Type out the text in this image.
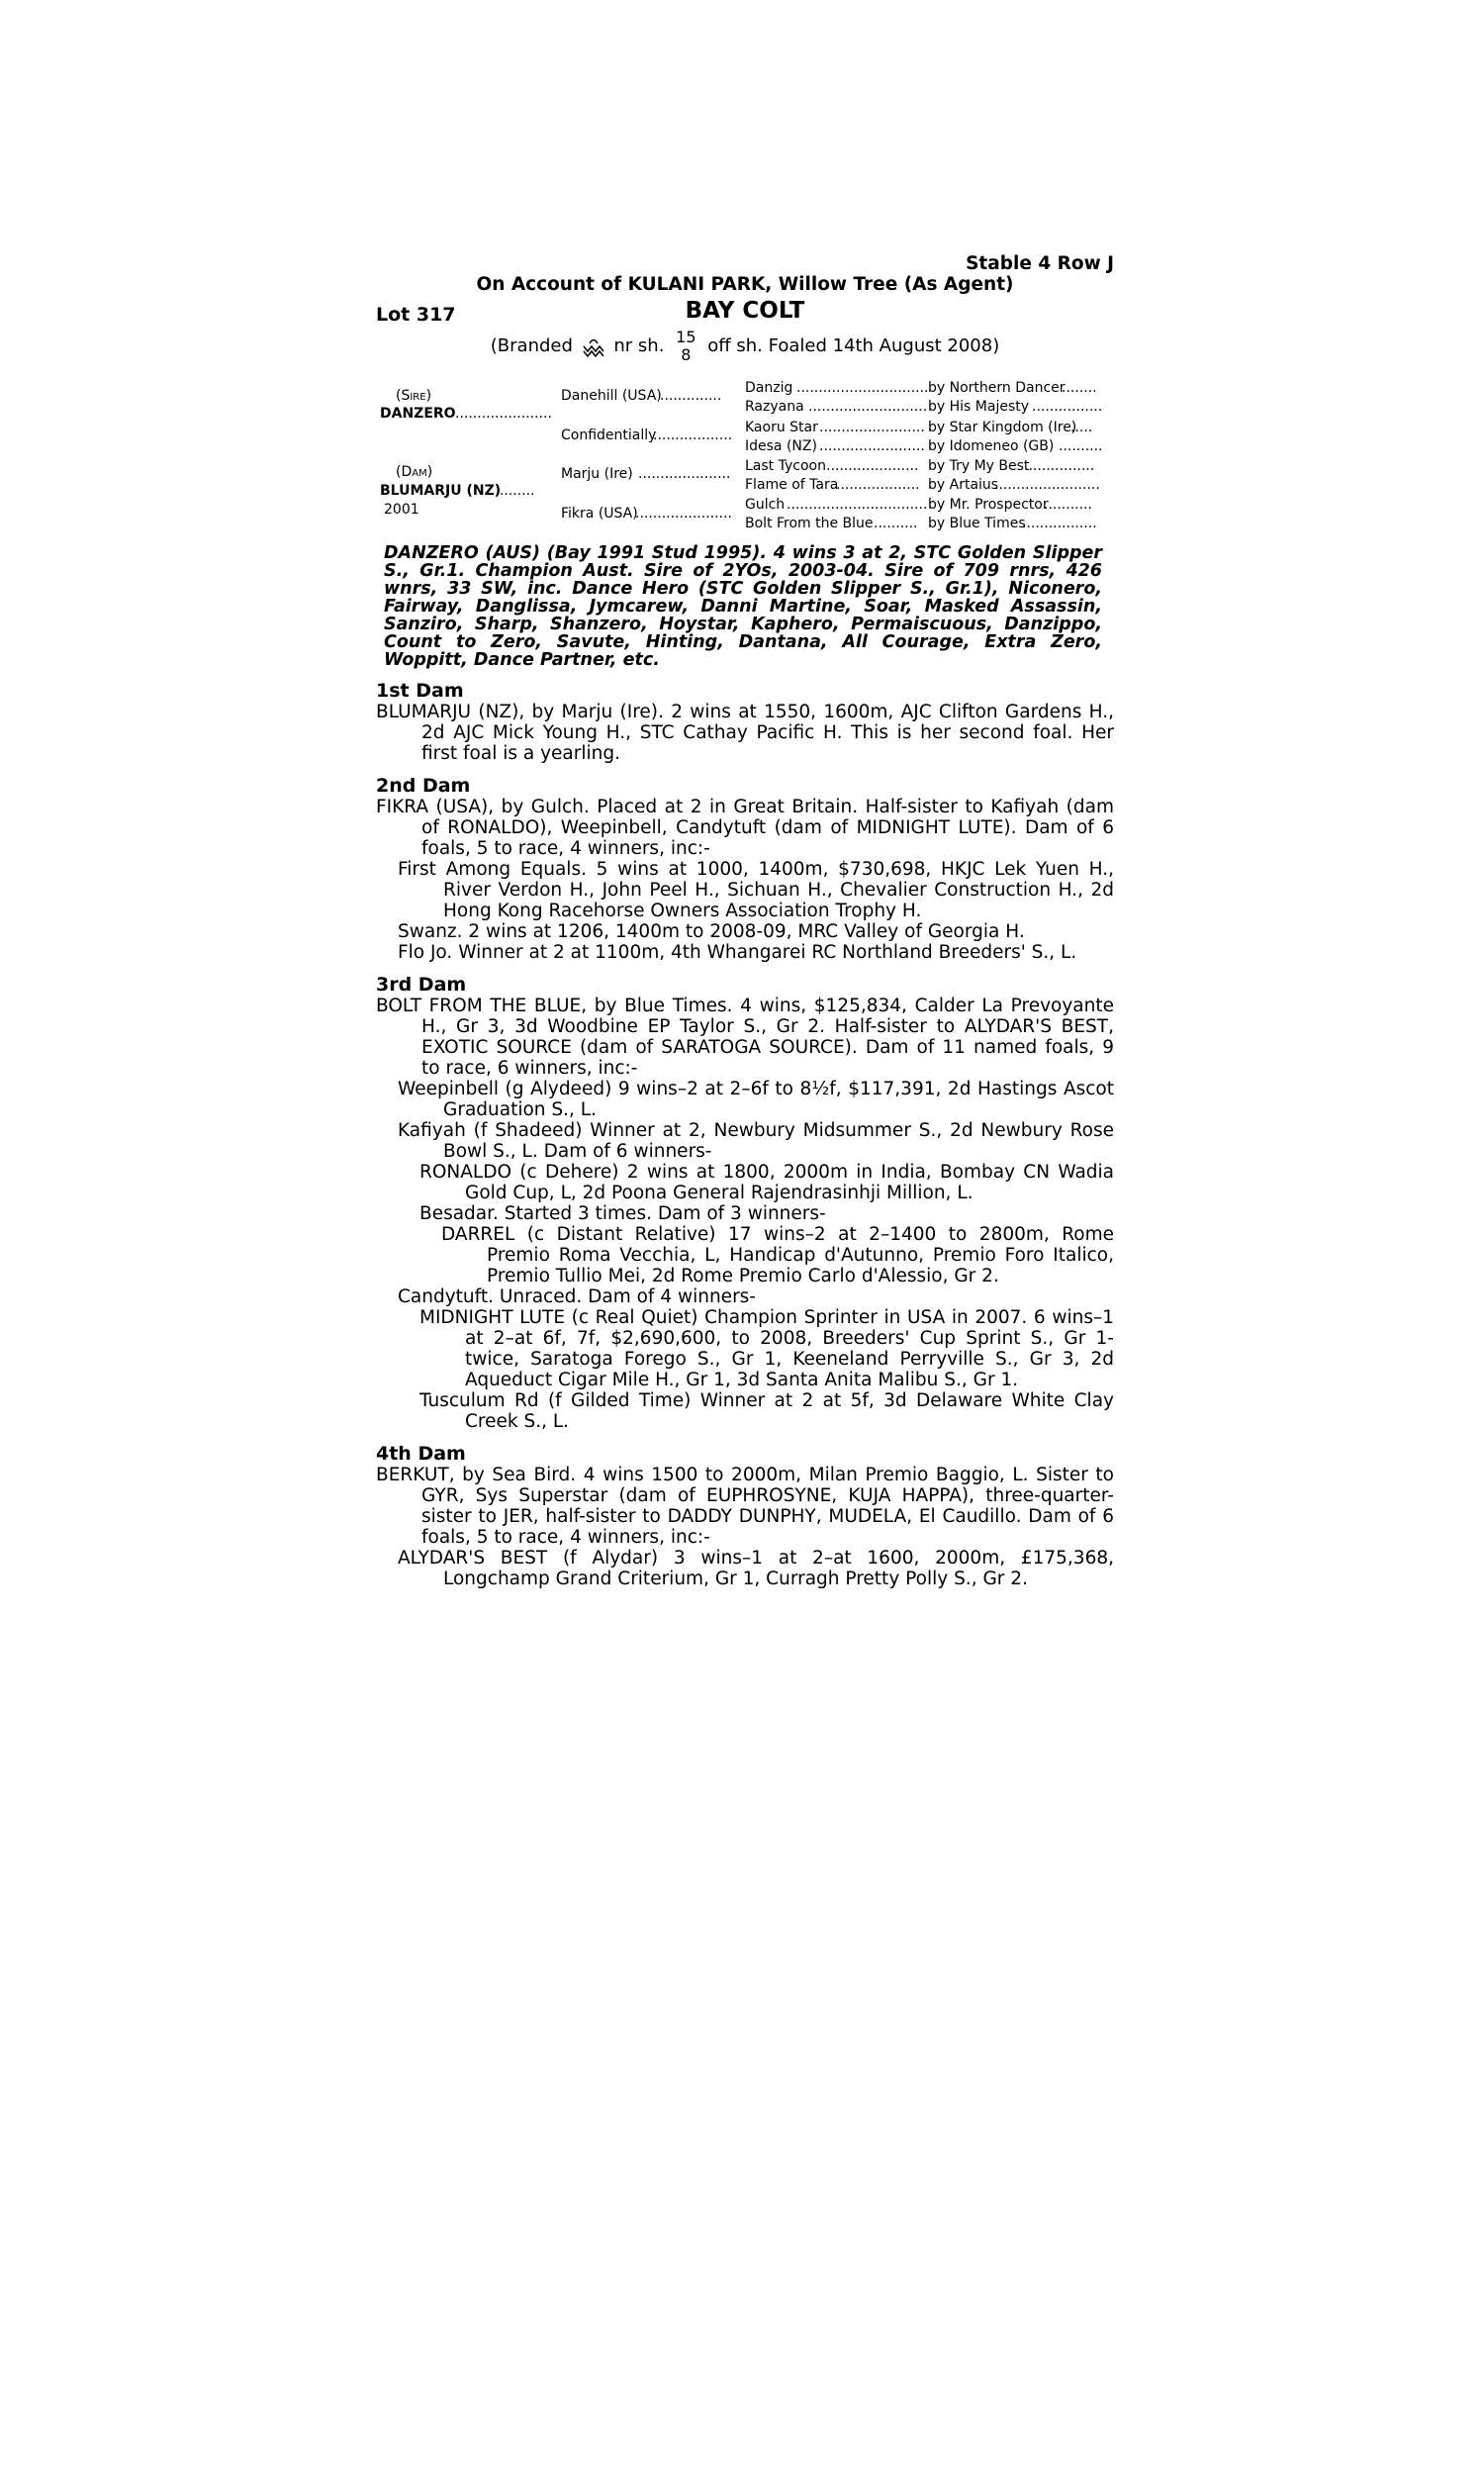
Stable 4 Row J
On Account of KULANI PARK, Willow Tree (As Agent)
Lot 317	BAY COLT
(Branded nr sh. 15
8 off sh. Foaled 14th August 2008)
(Sire)
DANZERO ......................
(Dam)
BLUMARJU (NZ)
..........
2001
Danehill (USA)
..............
Confidentially
..................
Marju (Ire) .....................
Fikra (USA)
......................
Danzig ..............................
Razyana ...........................
Kaoru Star ........................
Idesa (NZ) ........................
Last Tycoon .....................
Flame of Tara
...................
Gulch ................................
Bolt From the Blue ..........
by Northern Dancer
........
by His Majesty ................
by Star Kingdom (Ire)
.....
by Idomeneo (GB) ..........
by Try My Best
................
by Artaius
........................
by Mr. Prospector
...........
by Blue Times
.................
DANZERO (AUS) (Bay 1991 Stud 1995). 4 wins 3 at 2, STC Golden Slipper S., Gr.1. Champion Aust. Sire of 2YOs, 2003-04. Sire of 709 rnrs, 426 wnrs, 33 SW, inc. Dance Hero (STC Golden Slipper S., Gr.1), Niconero, Fairway, Danglissa, Jymcarew, Danni Martine, Soar, Masked Assassin, Sanziro, Sharp, Shanzero, Hoystar, Kaphero, Permaiscuous, Danzippo, Count to Zero, Savute, Hinting, Dantana, All Courage, Extra Zero, Woppitt, Dance Partner, etc.
1st Dam
BLUMARJU (NZ), by Marju (Ire). 2 wins at 1550, 1600m, AJC Clifton Gardens H., 2d AJC Mick Young H., STC Cathay Pacific H. This is her second foal. Her first foal is a yearling.
2nd Dam
FIKRA (USA), by Gulch. Placed at 2 in Great Britain. Half-sister to Kafiyah (dam of RONALDO), Weepinbell, Candytuft (dam of MIDNIGHT LUTE). Dam of 6 foals, 5 to race, 4 winners, inc:-
First Among Equals. 5 wins at 1000, 1400m, $730,698, HKJC Lek Yuen H., River Verdon H., John Peel H., Sichuan H., Chevalier Construction H., 2d Hong Kong Racehorse Owners Association Trophy H.
Swanz. 2 wins at 1206, 1400m to 2008-09, MRC Valley of Georgia H.
Flo Jo. Winner at 2 at 1100m, 4th Whangarei RC Northland Breeders' S., L.
3rd Dam
BOLT FROM THE BLUE, by Blue Times. 4 wins, $125,834, Calder La Prevoyante H., Gr 3, 3d Woodbine EP Taylor S., Gr 2. Half-sister to ALYDAR'S BEST, EXOTIC SOURCE (dam of SARATOGA SOURCE). Dam of 11 named foals, 9 to race, 6 winners, inc:-
Weepinbell (g Alydeed) 9 wins–2 at 2–6f to 8½f, $117,391, 2d Hastings Ascot Graduation S., L.
Kafiyah (f Shadeed) Winner at 2, Newbury Midsummer S., 2d Newbury Rose Bowl S., L. Dam of 6 winners-
RONALDO (c Dehere) 2 wins at 1800, 2000m in India, Bombay CN Wadia Gold Cup, L, 2d Poona General Rajendrasinhji Million, L.
Besadar. Started 3 times. Dam of 3 winners-
DARREL (c Distant Relative) 17 wins–2 at 2–1400 to 2800m, Rome Premio Roma Vecchia, L, Handicap d'Autunno, Premio Foro Italico, Premio Tullio Mei, 2d Rome Premio Carlo d'Alessio, Gr 2.
Candytuft. Unraced. Dam of 4 winners-
MIDNIGHT LUTE (c Real Quiet) Champion Sprinter in USA in 2007. 6 wins–1 at 2–at 6f, 7f, $2,690,600, to 2008, Breeders' Cup Sprint S., Gr 1-twice, Saratoga Forego S., Gr 1, Keeneland Perryville S., Gr 3, 2d Aqueduct Cigar Mile H., Gr 1, 3d Santa Anita Malibu S., Gr 1.
Tusculum Rd (f Gilded Time) Winner at 2 at 5f, 3d Delaware White Clay Creek S., L.
4th Dam
BERKUT, by Sea Bird. 4 wins 1500 to 2000m, Milan Premio Baggio, L. Sister to GYR, Sys Superstar (dam of EUPHROSYNE, KUJA HAPPA), three-quarter-sister to JER, half-sister to DADDY DUNPHY, MUDELA, El Caudillo. Dam of 6 foals, 5 to race, 4 winners, inc:-
ALYDAR'S BEST (f Alydar) 3 wins–1 at 2–at 1600, 2000m, £175,368, Longchamp Grand Criterium, Gr 1, Curragh Pretty Polly S., Gr 2.
